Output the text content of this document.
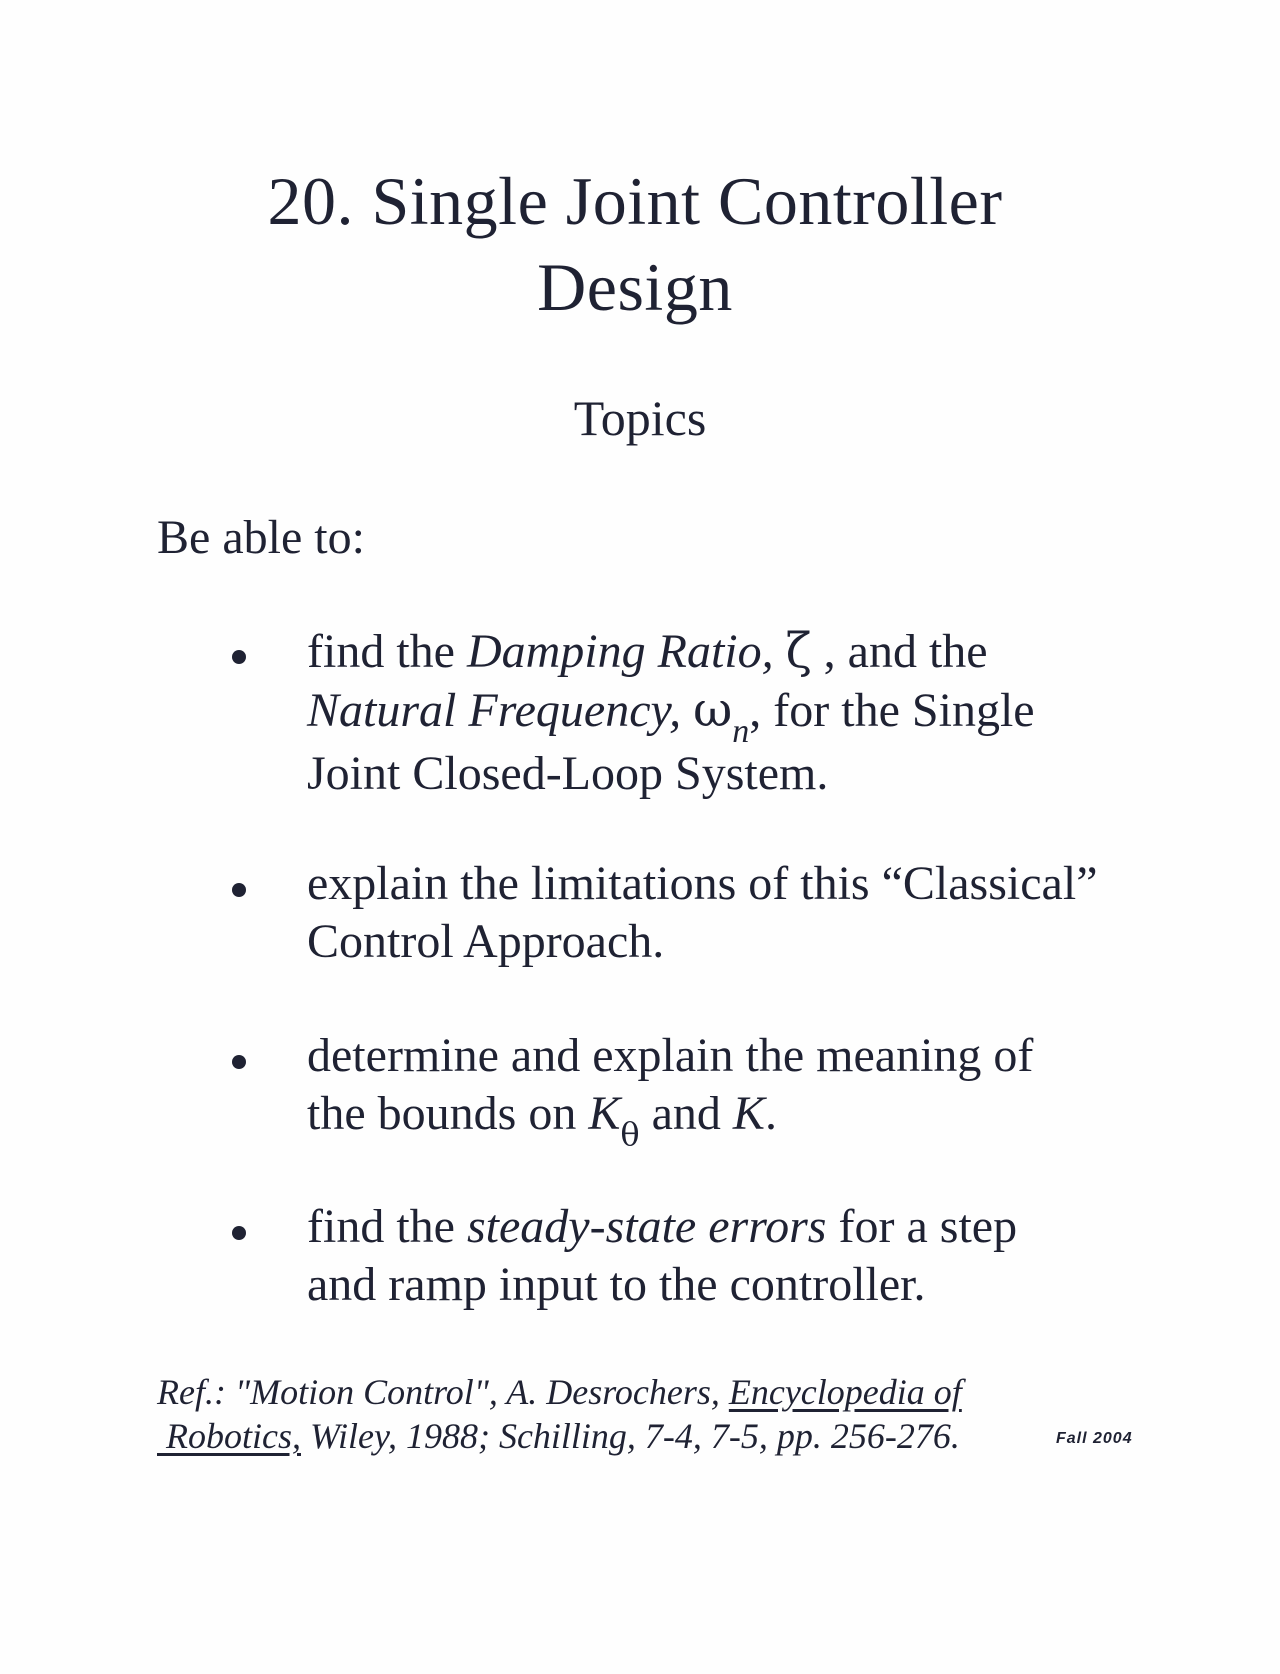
20. Single Joint Controller
Design
Topics
Be able to:
find the Damping Ratio, ζ , and the
Natural Frequency, $\omega_n$, for the Single
Joint Closed-Loop System.
explain the limitations of this “Classical”
Control Approach.
determine and explain the meaning of
the bounds on $K_\theta$ and K.
find the steady-state errors for a step
and ramp input to the controller.
Ref.: "Motion Control", A. Desrochers, Encyclopedia of
Robotics, Wiley, 1988; Schilling, 7-4, 7-5, pp. 256-276.	Fall 2004
